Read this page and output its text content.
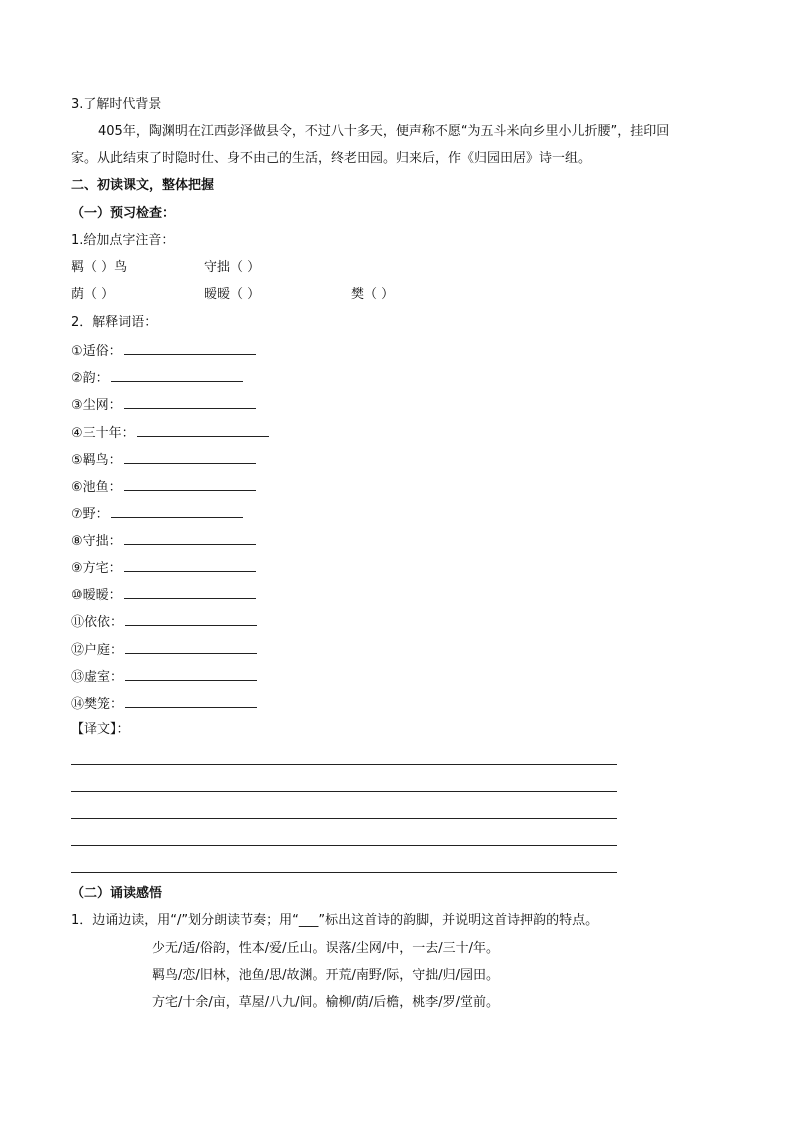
3.了解时代背景
405年，陶渊明在江西彭泽做县令，不过八十多天，便声称不愿“为五斗米向乡里小儿折腰”，挂印回
家。从此结束了时隐时仕、身不由己的生活，终老田园。归来后，作《归园田居》诗一组。
二、初读课文，整体把握
（一）预习检查：
1.给加点字注音：
羁（ ）鸟	守拙（ ）
荫（ ）	暧暧（ ）	樊（ ）
2．解释词语：
①适俗：
②韵：
③尘网：
④三十年：
⑤羁鸟：
⑥池鱼：
⑦野：
⑧守拙：
⑨方宅：
⑩暧暧：
⑪依依：
⑫户庭：
⑬虚室：
⑭樊笼：
【译文】：
（二）诵读感悟
1．边诵边读，用“/”划分朗读节奏；用“___”标出这首诗的韵脚，并说明这首诗押韵的特点。
少无/适/俗韵，性本/爱/丘山。误落/尘网/中，一去/三十/年。
羁鸟/恋/旧林，池鱼/思/故渊。开荒/南野/际，守拙/归/园田。
方宅/十余/亩，草屋/八九/间。榆柳/荫/后檐，桃李/罗/堂前。
